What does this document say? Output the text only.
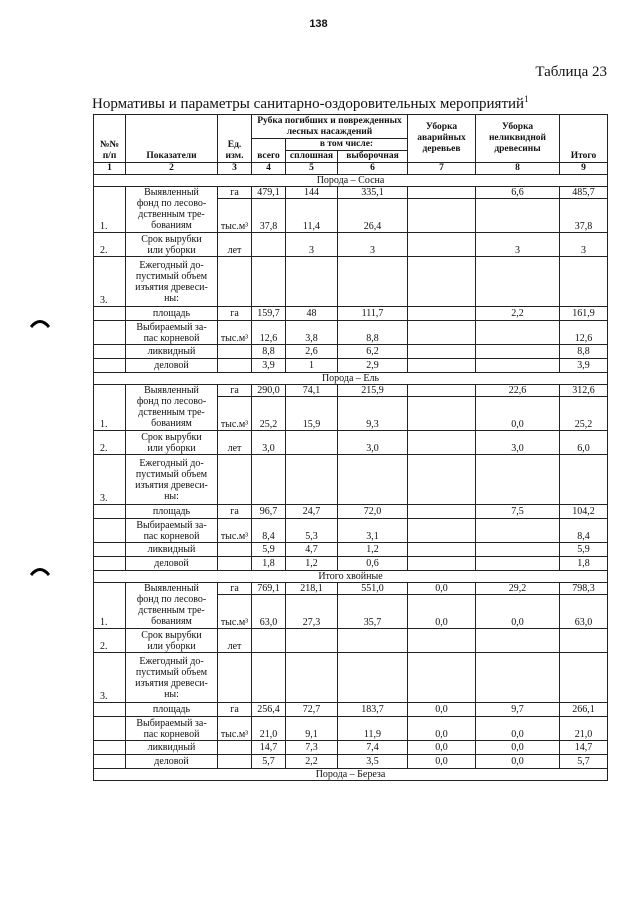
138
Таблица 23
Нормативы и параметры санитарно-оздоровительных мероприятий$^1$
№№ п/п	Показатели	Ед. изм.	Рубка погибших и поврежденных лесных насаждений			Уборка аварийных деревьев	Уборка неликвидной древесины	Итого
			всего	в том числе:				
				сплошная	выборочная			
1	2	3	4	5	6	7	8	9
Порода – Сосна								
1.	Выявленный
фонд по лесово-
дственным тре-
бованиям	га	479,1	144	335,1		6,6	485,7
		тыс.м³	37,8	11,4	26,4			37,8
2.	Срок вырубки
или уборки	лет		3	3		3	3
3.	Ежегодный до-
пустимый объем
изъятия древеси-
ны:							

	площадь	га	159,7	48	111,7		2,2	161,9

	Выбираемый за-
пас корневой	тыс.м³	12,6	3,8	8,8			12,6
	ликвидный		8,8	2,6	6,2			8,8
	деловой		3,9	1	2,9			3,9
Порода – Ель								
1.	Выявленный
фонд по лесово-
дственным тре-
бованиям	га	290,0	74,1	215,9		22,6	312,6
		тыс.м³	25,2	15,9	9,3		0,0	25,2
2.	Срок вырубки
или уборки	лет	3,0		3,0		3,0	6,0
3.	Ежегодный до-
пустимый объем
изъятия древеси-
ны:							

	площадь	га	96,7	24,7	72,0		7,5	104,2

	Выбираемый за-
пас корневой	тыс.м³	8,4	5,3	3,1			8,4
	ликвидный		5,9	4,7	1,2			5,9
	деловой		1,8	1,2	0,6			1,8
Итого хвойные								
1.	Выявленный
фонд по лесово-
дственным тре-
бованиям	га	769,1	218,1	551,0	0,0	29,2	798,3
		тыс.м³	63,0	27,3	35,7	0,0	0,0	63,0
2.	Срок вырубки
или уборки	лет						
3.	Ежегодный до-
пустимый объем
изъятия древеси-
ны:							

	площадь	га	256,4	72,7	183,7	0,0	9,7	266,1

	Выбираемый за-
пас корневой	тыс.м³	21,0	9,1	11,9	0,0	0,0	21,0
	ликвидный		14,7	7,3	7,4	0,0	0,0	14,7
	деловой		5,7	2,2	3,5	0,0	0,0	5,7
Порода – Береза								
